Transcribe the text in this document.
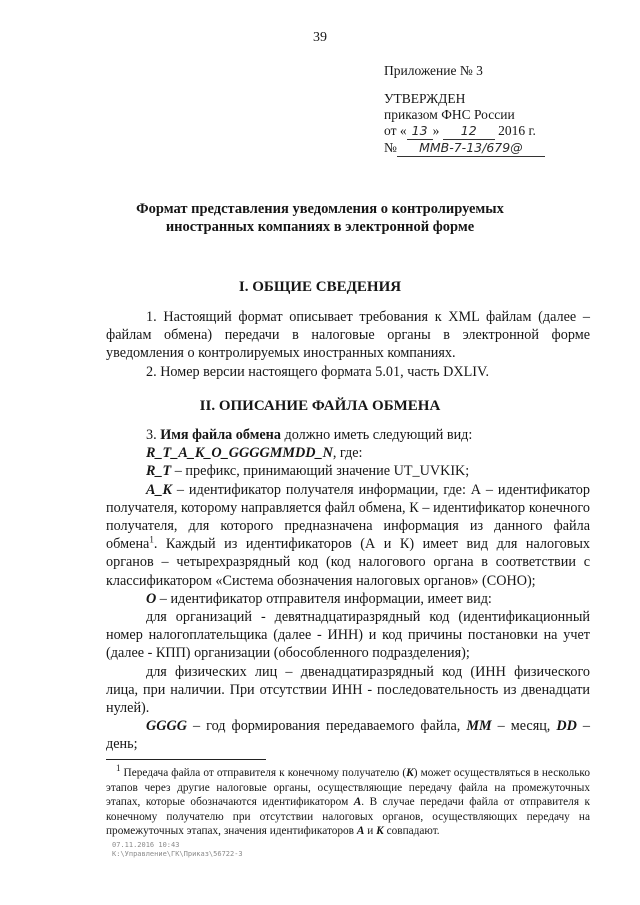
39
Приложение № 3
УТВЕРЖДЕН
приказом ФНС России
от « 13 » 12 2016 г.
№ ММВ-7-13/679@
Формат представления уведомления о контролируемых
иностранных компаниях в электронной форме
I. ОБЩИЕ СВЕДЕНИЯ
1. Настоящий формат описывает требования к XML файлам (далее – файлам обмена) передачи в налоговые органы в электронной форме уведомления о контролируемых иностранных компаниях.
2. Номер версии настоящего формата 5.01, часть DXLIV.
II. ОПИСАНИЕ ФАЙЛА ОБМЕНА
3. Имя файла обмена должно иметь следующий вид:
R_T_A_K_O_GGGGMMDD_N, где:
R_T – префикс, принимающий значение UT_UVKIK;
A_K – идентификатор получателя информации, где: А – идентификатор получателя, которому направляется файл обмена, К – идентификатор конечного получателя, для которого предназначена информация из данного файла обмена$^1$. Каждый из идентификаторов (А и К) имеет вид для налоговых органов – четырехразрядный код (код налогового органа в соответствии с классификатором «Система обозначения налоговых органов» (СОНО);
O – идентификатор отправителя информации, имеет вид:
для организаций - девятнадцатиразрядный код (идентификационный номер налогоплательщика (далее - ИНН) и код причины постановки на учет (далее - КПП) организации (обособленного подразделения);
для физических лиц – двенадцатиразрядный код (ИНН физического лица, при наличии. При отсутствии ИНН - последовательность из двенадцати нулей).
GGGG – год формирования передаваемого файла, MM – месяц, DD – день;
$^1$ Передача файла от отправителя к конечному получателю (К) может осуществляться в несколько этапов через другие налоговые органы, осуществляющие передачу файла на промежуточных этапах, которые обозначаются идентификатором А. В случае передачи файла от отправителя к конечному получателю при отсутствии налоговых органов, осуществляющих передачу на промежуточных этапах, значения идентификаторов А и К совпадают.
07.11.2016 10:43
К:\Управление\ГК\Приказ\56722-3
